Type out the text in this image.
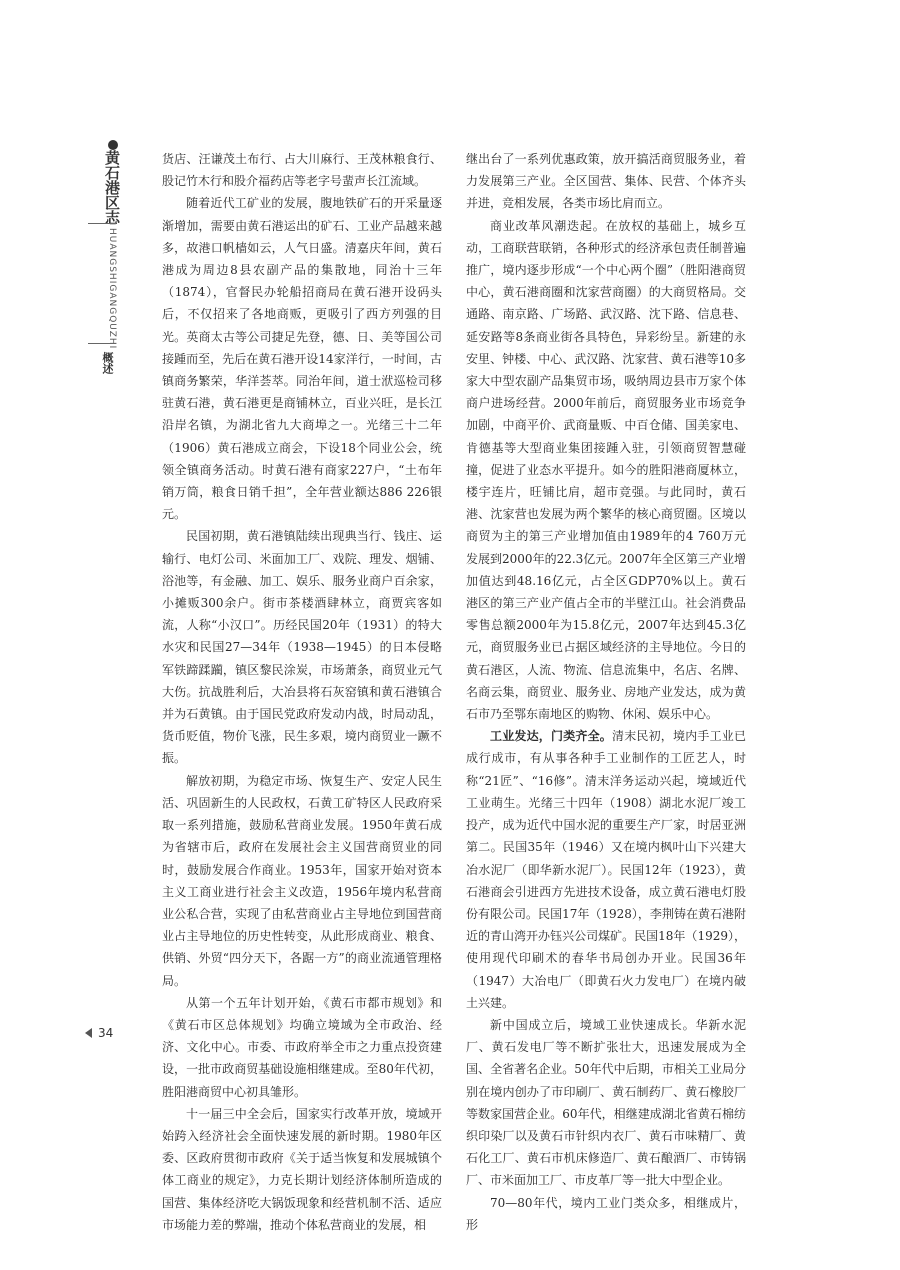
黄石港区志
HUANGSHIGANGQUZHI
概述

货店、汪谦茂土布行、占大川麻行、王茂林粮食行、股记竹木行和股介福药店等老字号蜚声长江流域。

随着近代工矿业的发展，腹地铁矿石的开采量逐渐增加，需要由黄石港运出的矿石、工业产品越来越多，故港口帆樯如云，人气日盛。清嘉庆年间，黄石港成为周边8县农副产品的集散地，同治十三年（1874），官督民办轮船招商局在黄石港开设码头后，不仅招来了各地商贩，更吸引了西方列强的目光。英商太古等公司捷足先登，德、日、美等国公司接踵而至，先后在黄石港开设14家洋行，一时间，古镇商务繁荣，华洋荟萃。同治年间，道士洑巡检司移驻黄石港，黄石港更是商铺林立，百业兴旺，是长江沿岸名镇，为湖北省九大商埠之一。光绪三十二年（1906）黄石港成立商会，下设18个同业公会，统领全镇商务活动。时黄石港有商家227户，“土布年销万筒，粮食日销千担”，全年营业额达886 226银元。

民国初期，黄石港镇陆续出现典当行、钱庄、运输行、电灯公司、米面加工厂、戏院、理发、烟铺、浴池等，有金融、加工、娱乐、服务业商户百余家，小摊贩300余户。街市茶楼酒肆林立，商贾宾客如流，人称“小汉口”。历经民国20年（1931）的特大水灾和民国27—34年（1938—1945）的日本侵略军铁蹄蹂躏，镇区黎民涂炭，市场萧条，商贸业元气大伤。抗战胜利后，大冶县将石灰窑镇和黄石港镇合并为石黄镇。由于国民党政府发动内战，时局动乱，货币贬值，物价飞涨，民生多艰，境内商贸业一蹶不振。

解放初期，为稳定市场、恢复生产、安定人民生活、巩固新生的人民政权，石黄工矿特区人民政府采取一系列措施，鼓励私营商业发展。1950年黄石成为省辖市后，政府在发展社会主义国营商贸业的同时，鼓励发展合作商业。1953年，国家开始对资本主义工商业进行社会主义改造，1956年境内私营商业公私合营，实现了由私营商业占主导地位到国营商业占主导地位的历史性转变，从此形成商业、粮食、供销、外贸“四分天下，各踞一方”的商业流通管理格局。

从第一个五年计划开始，《黄石市都市规划》和《黄石市区总体规划》均确立境域为全市政治、经济、文化中心。市委、市政府举全市之力重点投资建设，一批市政商贸基础设施相继建成。至80年代初，胜阳港商贸中心初具雏形。

十一届三中全会后，国家实行改革开放，境域开始跨入经济社会全面快速发展的新时期。1980年区委、区政府贯彻市政府《关于适当恢复和发展城镇个体工商业的规定》，力克长期计划经济体制所造成的国营、集体经济吃大锅饭现象和经营机制不活、适应市场能力差的弊端，推动个体私营商业的发展，相

继出台了一系列优惠政策，放开搞活商贸服务业，着力发展第三产业。全区国营、集体、民营、个体齐头并进，竞相发展，各类市场比肩而立。

商业改革风潮迭起。在放权的基础上，城乡互动，工商联营联销，各种形式的经济承包责任制普遍推广，境内逐步形成“一个中心两个圈”（胜阳港商贸中心，黄石港商圈和沈家营商圈）的大商贸格局。交通路、南京路、广场路、武汉路、沈下路、信息巷、延安路等8条商业街各具特色，异彩纷呈。新建的永安里、钟楼、中心、武汉路、沈家营、黄石港等10多家大中型农副产品集贸市场，吸纳周边县市万家个体商户进场经营。2000年前后，商贸服务业市场竞争加剧，中商平价、武商量贩、中百仓储、国美家电、肯德基等大型商业集团接踵入驻，引领商贸智慧碰撞，促进了业态水平提升。如今的胜阳港商厦林立，楼宇连片，旺铺比肩，超市竞强。与此同时，黄石港、沈家营也发展为两个繁华的核心商贸圈。区境以商贸为主的第三产业增加值由1989年的4 760万元发展到2000年的22.3亿元。2007年全区第三产业增加值达到48.16亿元，占全区GDP70%以上。黄石港区的第三产业产值占全市的半壁江山。社会消费品零售总额2000年为15.8亿元，2007年达到45.3亿元，商贸服务业已占据区域经济的主导地位。今日的黄石港区，人流、物流、信息流集中，名店、名牌、名商云集，商贸业、服务业、房地产业发达，成为黄石市乃至鄂东南地区的购物、休闲、娱乐中心。

工业发达，门类齐全。清末民初，境内手工业已成行成市，有从事各种手工业制作的工匠艺人，时称“21匠”、“16修”。清末洋务运动兴起，境域近代工业萌生。光绪三十四年（1908）湖北水泥厂竣工投产，成为近代中国水泥的重要生产厂家，时居亚洲第二。民国35年（1946）又在境内枫叶山下兴建大冶水泥厂（即华新水泥厂）。民国12年（1923），黄石港商会引进西方先进技术设备，成立黄石港电灯股份有限公司。民国17年（1928），李荆铸在黄石港附近的青山湾开办钰兴公司煤矿。民国18年（1929），使用现代印刷术的春华书局创办开业。民国36年（1947）大冶电厂（即黄石火力发电厂）在境内破土兴建。

新中国成立后，境域工业快速成长。华新水泥厂、黄石发电厂等不断扩张壮大，迅速发展成为全国、全省著名企业。50年代中后期，市相关工业局分别在境内创办了市印刷厂、黄石制药厂、黄石橡胶厂等数家国营企业。60年代，相继建成湖北省黄石棉纺织印染厂以及黄石市针织内衣厂、黄石市味精厂、黄石化工厂、黄石市机床修造厂、黄石酿酒厂、市铸锅厂、市米面加工厂、市皮革厂等一批大中型企业。

70—80年代，境内工业门类众多，相继成片，形

34
